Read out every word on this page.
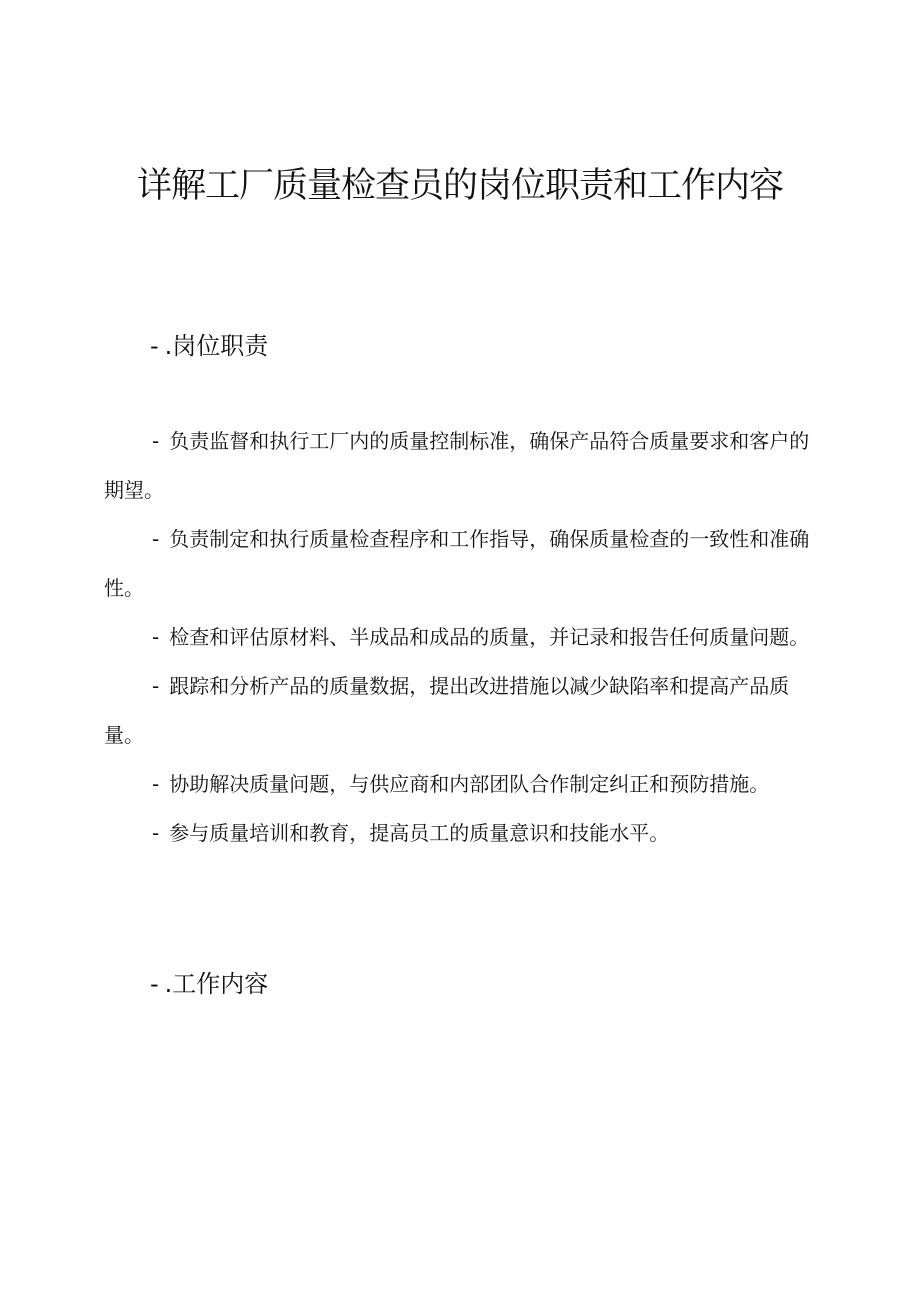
详解工厂质量检查员的岗位职责和工作内容
- .岗位职责
- 负责监督和执行工厂内的质量控制标准，确保产品符合质量要求和客户的期望。
- 负责制定和执行质量检查程序和工作指导，确保质量检查的一致性和准确性。
- 检查和评估原材料、半成品和成品的质量，并记录和报告任何质量问题。
- 跟踪和分析产品的质量数据，提出改进措施以减少缺陷率和提高产品质量。
- 协助解决质量问题，与供应商和内部团队合作制定纠正和预防措施。
- 参与质量培训和教育，提高员工的质量意识和技能水平。
- .工作内容
